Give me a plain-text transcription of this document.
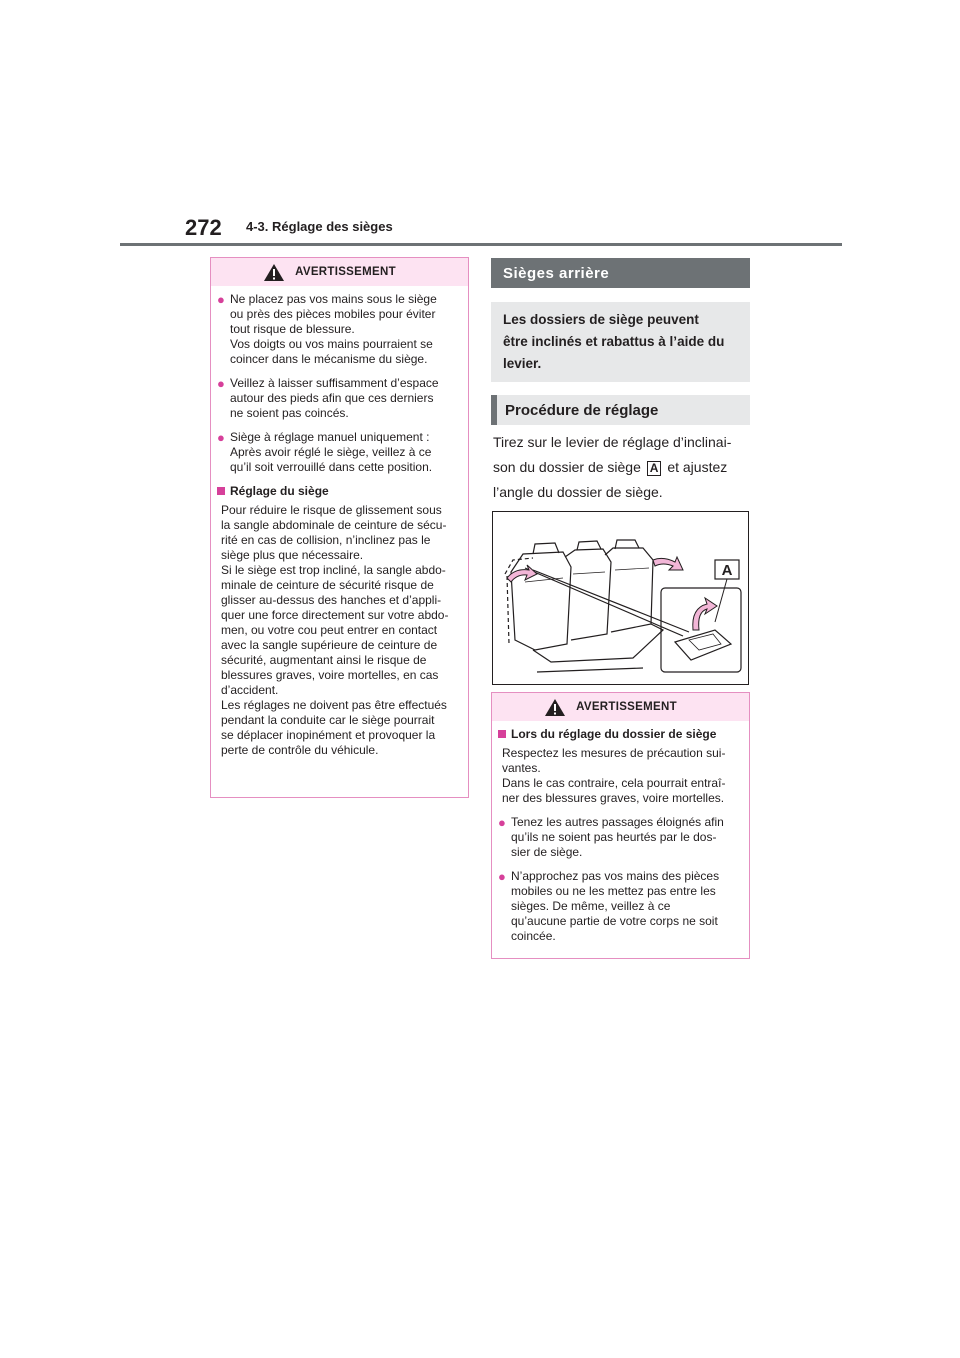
272 4-3. Réglage des sièges
AVERTISSEMENT
● Ne placez pas vos mains sous le siège
ou près des pièces mobiles pour éviter
tout risque de blessure.
Vos doigts ou vos mains pourraient se
coincer dans le mécanisme du siège.
● Veillez à laisser suffisamment d’espace
autour des pieds afin que ces derniers
ne soient pas coincés.
● Siège à réglage manuel uniquement :
Après avoir réglé le siège, veillez à ce
qu’il soit verrouillé dans cette position.
Réglage du siège
Pour réduire le risque de glissement sous
la sangle abdominale de ceinture de sécu-
rité en cas de collision, n’inclinez pas le
siège plus que nécessaire.
Si le siège est trop incliné, la sangle abdo-
minale de ceinture de sécurité risque de
glisser au-dessus des hanches et d’appli-
quer une force directement sur votre abdo-
men, ou votre cou peut entrer en contact
avec la sangle supérieure de ceinture de
sécurité, augmentant ainsi le risque de
blessures graves, voire mortelles, en cas
d’accident.
Les réglages ne doivent pas être effectués
pendant la conduite car le siège pourrait
se déplacer inopinément et provoquer la
perte de contrôle du véhicule.
Sièges arrière
Les dossiers de siège peuvent
être inclinés et rabattus à l’aide du
levier.
Procédure de réglage
Tirez sur le levier de réglage d’inclinai-
son du dossier de siège A et ajustez
l’angle du dossier de siège.
A
AVERTISSEMENT
Lors du réglage du dossier de siège
Respectez les mesures de précaution sui-
vantes.
Dans le cas contraire, cela pourrait entraî-
ner des blessures graves, voire mortelles.
● Tenez les autres passages éloignés afin
qu’ils ne soient pas heurtés par le dos-
sier de siège.
● N’approchez pas vos mains des pièces
mobiles ou ne les mettez pas entre les
sièges. De même, veillez à ce
qu’aucune partie de votre corps ne soit
coincée.
